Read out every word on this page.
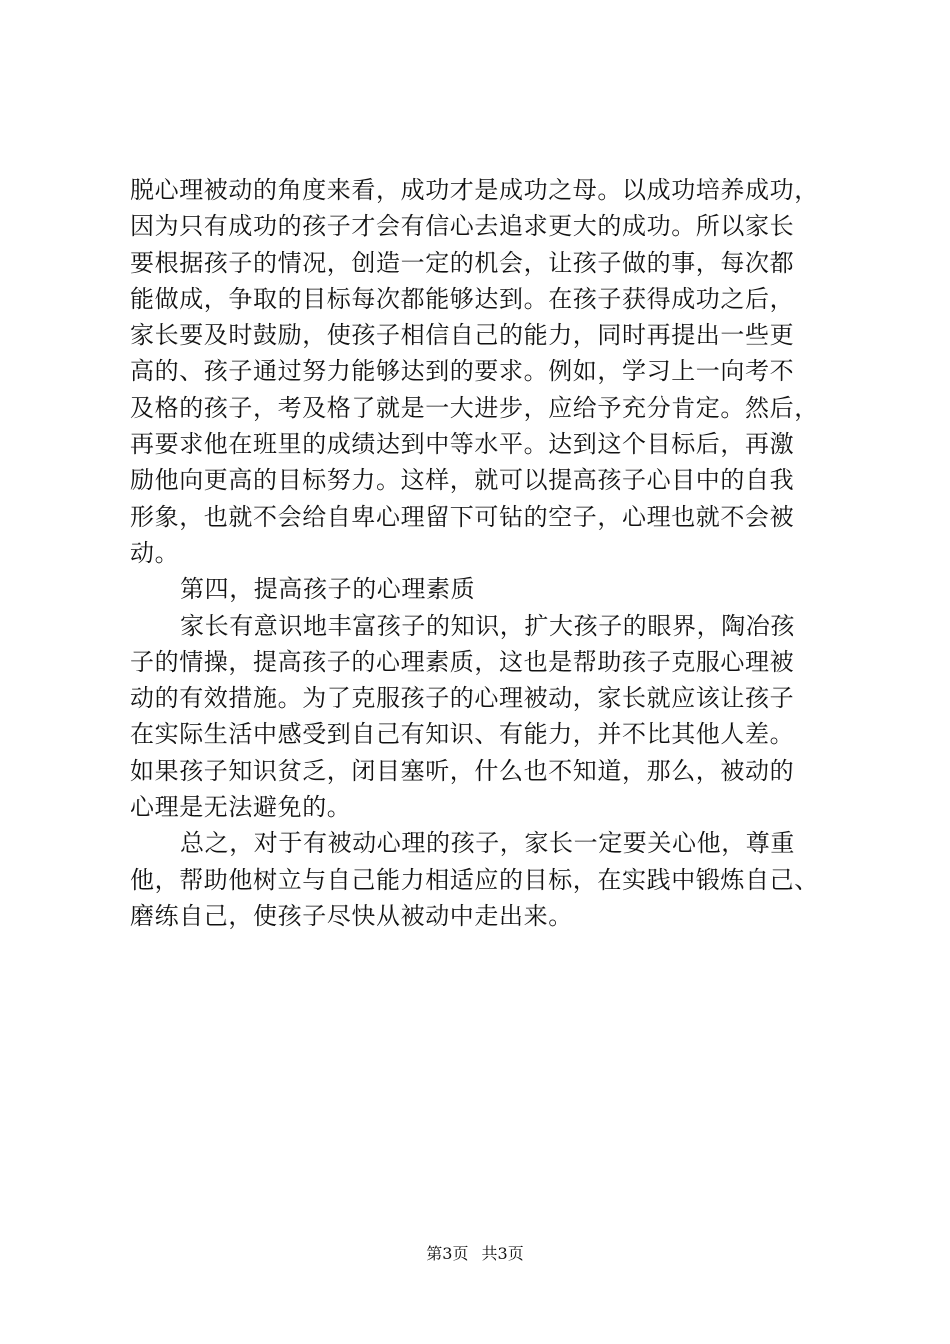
脱心理被动的角度来看，成功才是成功之母。以成功培养成功，
因为只有成功的孩子才会有信心去追求更大的成功。所以家长
要根据孩子的情况，创造一定的机会，让孩子做的事，每次都
能做成，争取的目标每次都能够达到。在孩子获得成功之后，
家长要及时鼓励，使孩子相信自己的能力，同时再提出一些更
高的、孩子通过努力能够达到的要求。例如，学习上一向考不
及格的孩子，考及格了就是一大进步，应给予充分肯定。然后，
再要求他在班里的成绩达到中等水平。达到这个目标后，再激
励他向更高的目标努力。这样，就可以提高孩子心目中的自我
形象，也就不会给自卑心理留下可钻的空子，心理也就不会被
动。
第四，提高孩子的心理素质
家长有意识地丰富孩子的知识，扩大孩子的眼界，陶冶孩
子的情操，提高孩子的心理素质，这也是帮助孩子克服心理被
动的有效措施。为了克服孩子的心理被动，家长就应该让孩子
在实际生活中感受到自己有知识、有能力，并不比其他人差。
如果孩子知识贫乏，闭目塞听，什么也不知道，那么，被动的
心理是无法避免的。
总之，对于有被动心理的孩子，家长一定要关心他，尊重
他，帮助他树立与自己能力相适应的目标，在实践中锻炼自己、
磨练自己，使孩子尽快从被动中走出来。
第3页 共3页
